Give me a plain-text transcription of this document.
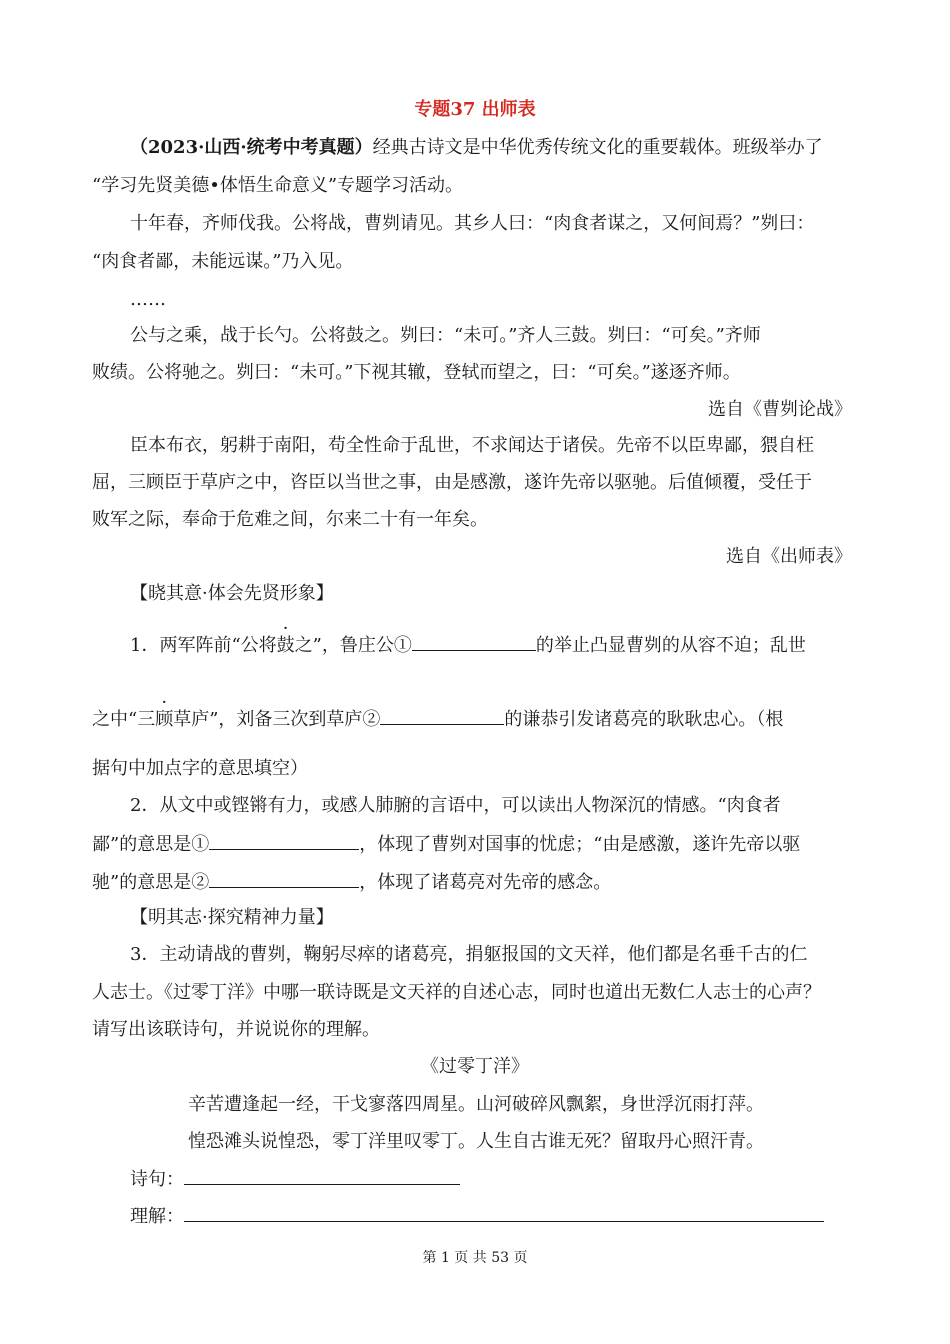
专题37 出师表
（2023·山西·统考中考真题）经典古诗文是中华优秀传统文化的重要载体。班级举办了
“学习先贤美德•体悟生命意义”专题学习活动。
十年春，齐师伐我。公将战，曹刿请见。其乡人曰：“肉食者谋之，又何间焉？”刿曰：
“肉食者鄙，未能远谋。”乃入见。
……
公与之乘，战于长勺。公将鼓之。刿曰：“未可。”齐人三鼓。刿曰：“可矣。”齐师
败绩。公将驰之。刿曰：“未可。”下视其辙，登轼而望之，曰：“可矣。”遂逐齐师。
选自《曹刿论战》
臣本布衣，躬耕于南阳，苟全性命于乱世，不求闻达于诸侯。先帝不以臣卑鄙，猥自枉
屈，三顾臣于草庐之中，咨臣以当世之事，由是感激，遂许先帝以驱驰。后值倾覆，受任于
败军之际，奉命于危难之间，尔来二十有一年矣。
选自《出师表》
【晓其意·体会先贤形象】
1．两军阵前“公将鼓之”，鲁庄公①	的举止凸显曹刿的从容不迫；乱世
之中“三顾草庐”，刘备三次到草庐②	的谦恭引发诸葛亮的耿耿忠心。（根
据句中加点字的意思填空）
2．从文中或铿锵有力，或感人肺腑的言语中，可以读出人物深沉的情感。“肉食者
鄙”的意思是①	，体现了曹刿对国事的忧虑；“由是感激，遂许先帝以驱
驰”的意思是②	，体现了诸葛亮对先帝的感念。
【明其志·探究精神力量】
3．主动请战的曹刿，鞠躬尽瘁的诸葛亮，捐躯报国的文天祥，他们都是名垂千古的仁
人志士。《过零丁洋》中哪一联诗既是文天祥的自述心志，同时也道出无数仁人志士的心声？
请写出该联诗句，并说说你的理解。
《过零丁洋》
辛苦遭逢起一经，干戈寥落四周星。山河破碎风飘絮，身世浮沉雨打萍。
惶恐滩头说惶恐，零丁洋里叹零丁。人生自古谁无死？留取丹心照汗青。
诗句：
理解：
第 1 页 共 53 页
